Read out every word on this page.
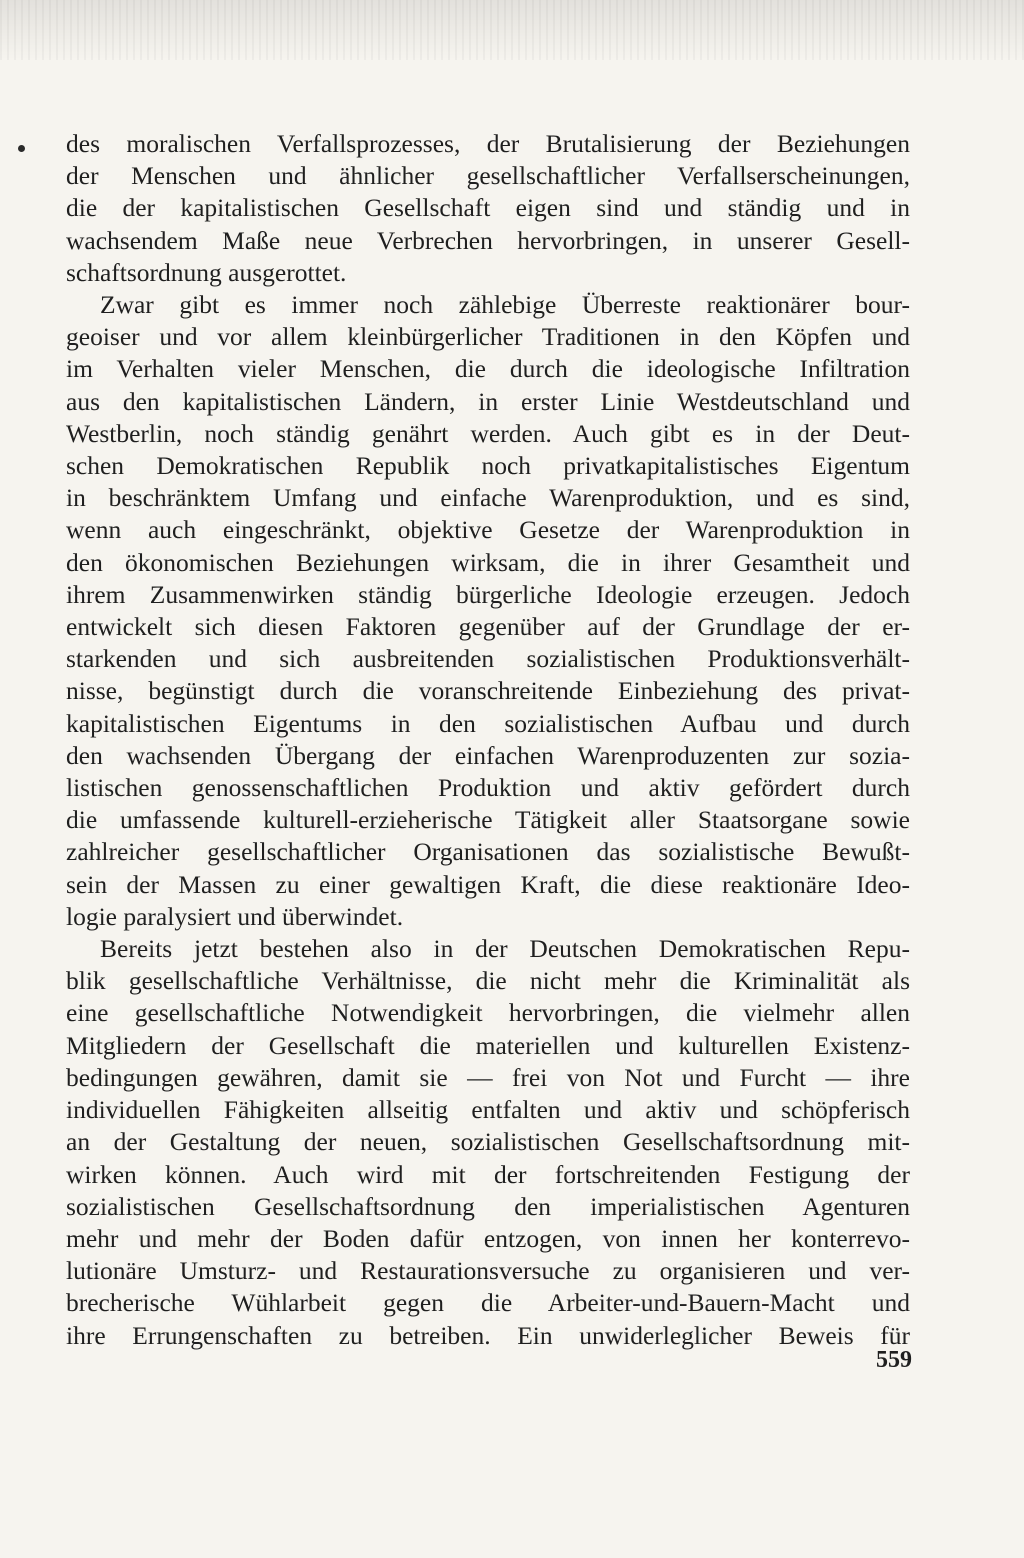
des moralischen Verfallsprozesses, der Brutalisierung der Beziehungen
der Menschen und ähnlicher gesellschaftlicher Verfallserscheinungen,
die der kapitalistischen Gesellschaft eigen sind und ständig und in
wachsendem Maße neue Verbrechen hervorbringen, in unserer Gesell-
schaftsordnung ausgerottet.
Zwar gibt es immer noch zählebige Überreste reaktionärer bour-
geoiser und vor allem kleinbürgerlicher Traditionen in den Köpfen und
im Verhalten vieler Menschen, die durch die ideologische Infiltration
aus den kapitalistischen Ländern, in erster Linie Westdeutschland und
Westberlin, noch ständig genährt werden. Auch gibt es in der Deut-
schen Demokratischen Republik noch privatkapitalistisches Eigentum
in beschränktem Umfang und einfache Warenproduktion, und es sind,
wenn auch eingeschränkt, objektive Gesetze der Warenproduktion in
den ökonomischen Beziehungen wirksam, die in ihrer Gesamtheit und
ihrem Zusammenwirken ständig bürgerliche Ideologie erzeugen. Jedoch
entwickelt sich diesen Faktoren gegenüber auf der Grundlage der er-
starkenden und sich ausbreitenden sozialistischen Produktionsverhält-
nisse, begünstigt durch die voranschreitende Einbeziehung des privat-
kapitalistischen Eigentums in den sozialistischen Aufbau und durch
den wachsenden Übergang der einfachen Warenproduzenten zur sozia-
listischen genossenschaftlichen Produktion und aktiv gefördert durch
die umfassende kulturell-erzieherische Tätigkeit aller Staatsorgane sowie
zahlreicher gesellschaftlicher Organisationen das sozialistische Bewußt-
sein der Massen zu einer gewaltigen Kraft, die diese reaktionäre Ideo-
logie paralysiert und überwindet.
Bereits jetzt bestehen also in der Deutschen Demokratischen Repu-
blik gesellschaftliche Verhältnisse, die nicht mehr die Kriminalität als
eine gesellschaftliche Notwendigkeit hervorbringen, die vielmehr allen
Mitgliedern der Gesellschaft die materiellen und kulturellen Existenz-
bedingungen gewähren, damit sie — frei von Not und Furcht — ihre
individuellen Fähigkeiten allseitig entfalten und aktiv und schöpferisch
an der Gestaltung der neuen, sozialistischen Gesellschaftsordnung mit-
wirken können. Auch wird mit der fortschreitenden Festigung der
sozialistischen Gesellschaftsordnung den imperialistischen Agenturen
mehr und mehr der Boden dafür entzogen, von innen her konterrevo-
lutionäre Umsturz- und Restaurationsversuche zu organisieren und ver-
brecherische Wühlarbeit gegen die Arbeiter-und-Bauern-Macht und
ihre Errungenschaften zu betreiben. Ein unwiderleglicher Beweis für
559
